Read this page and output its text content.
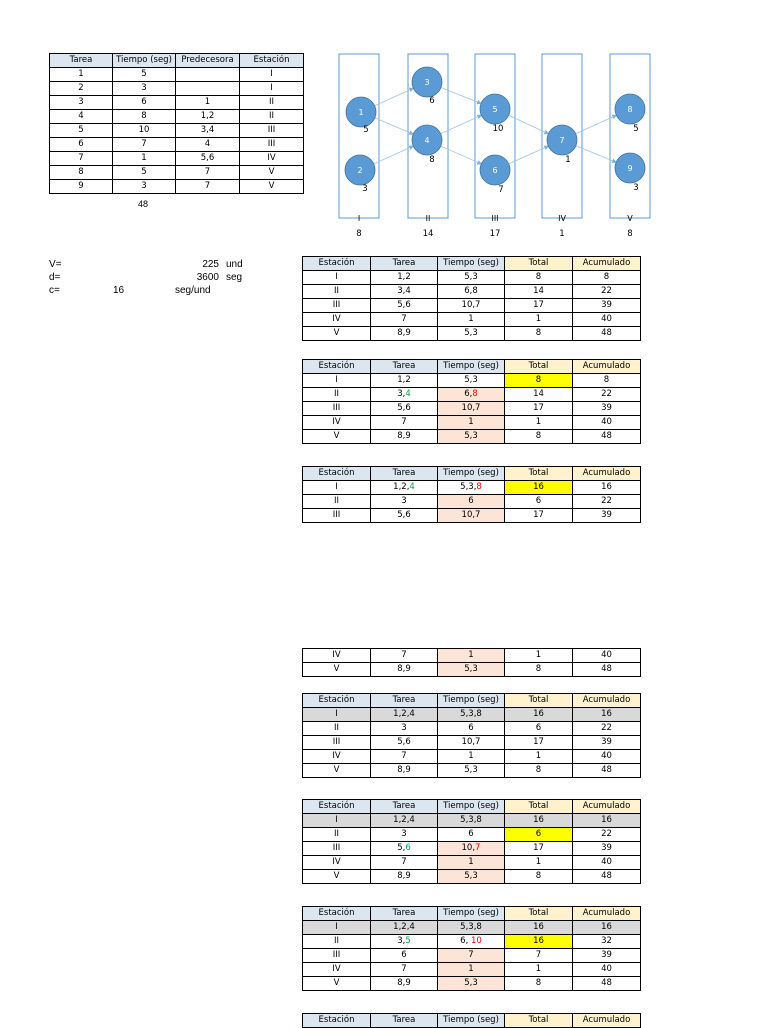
Tarea	Tiempo (seg)	Predecesora	Estación
1	5		I
2	3		I
3	6	1	II
4	8	1,2	II
5	10	3,4	III
6	7	4	III
7	1	5,6	IV
8	5	7	V
9	3	7	V
48
I
8
II
14
III
17
IV
1
V
8
1
5
2
3
3
6
4
8
5
10
6
7
7
1
8
5
9
3
V=	225 und
d=	3600 seg
c=	16	seg/und
Estación	Tarea	Tiempo (seg)	Total	Acumulado
I	1,2	5,3	8	8
II	3,4	6,8	14	22
III	5,6	10,7	17	39
IV	7	1	1	40
V	8,9	5,3	8	48
Estación	Tarea	Tiempo (seg)	Total	Acumulado
I	1,2	5,3	8	8
II	3,4	6,8	14	22
III	5,6	10,7	17	39
IV	7	1	1	40
V	8,9	5,3	8	48
Estación	Tarea	Tiempo (seg)	Total	Acumulado
I	1,2,4	5,3,8	16	16
II	3	6	6	22
III	5,6	10,7	17	39
IV	7	1	1	40
V	8,9	5,3	8	48
Estación	Tarea	Tiempo (seg)	Total	Acumulado
I	1,2,4	5,3,8	16	16
II	3	6	6	22
III	5,6	10,7	17	39
IV	7	1	1	40
V	8,9	5,3	8	48
Estación	Tarea	Tiempo (seg)	Total	Acumulado
I	1,2,4	5,3,8	16	16
II	3	6	6	22
III	5,6	10,7	17	39
IV	7	1	1	40
V	8,9	5,3	8	48
Estación	Tarea	Tiempo (seg)	Total	Acumulado
I	1,2,4	5,3,8	16	16
II	3,5	6, 10	16	32
III	6	7	7	39
IV	7	1	1	40
V	8,9	5,3	8	48
Estación	Tarea	Tiempo (seg)	Total	Acumulado
